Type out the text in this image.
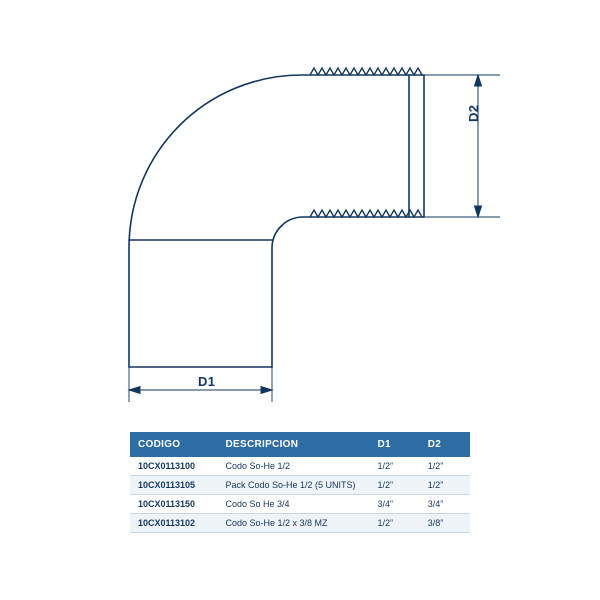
D1
D2
CODIGO	DESCRIPCION	D1	D2
10CX0113100	Codo So-He 1/2	1/2”	1/2”
10CX0113105	Pack Codo So-He 1/2 (5 UNITS)	1/2”	1/2”
10CX0113150	Codo So He 3/4	3/4”	3/4”
10CX0113102	Codo So-He 1/2 x 3/8 MZ	1/2”	3/8”
